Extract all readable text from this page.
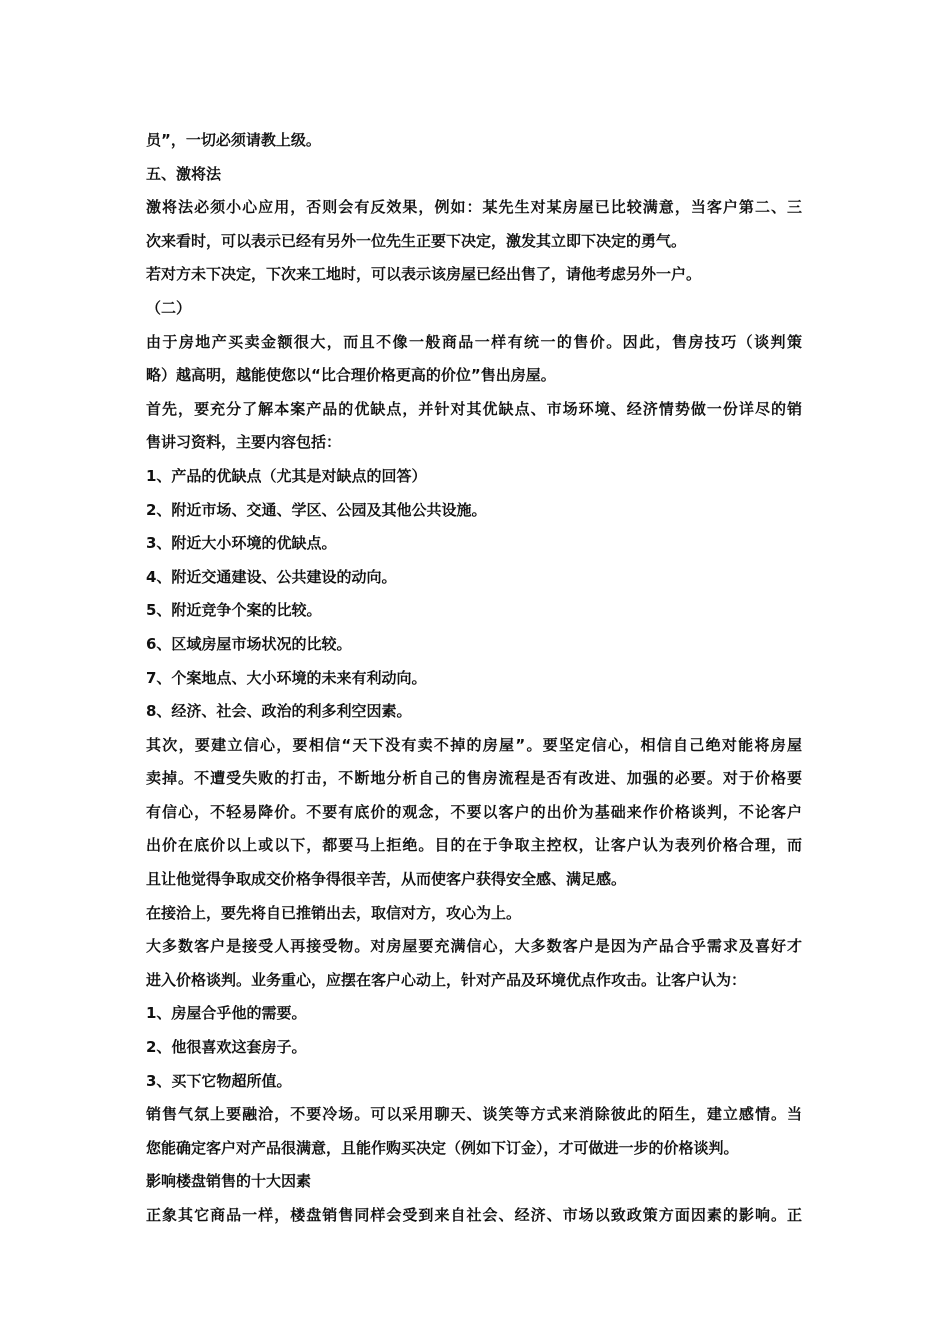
员”，一切必须请教上级。
五、激将法
激将法必须小心应用，否则会有反效果，例如：某先生对某房屋已比较满意，当客户第二、三
次来看时，可以表示已经有另外一位先生正要下决定，激发其立即下决定的勇气。
若对方未下决定，下次来工地时，可以表示该房屋已经出售了，请他考虑另外一户。
（二）
由于房地产买卖金额很大，而且不像一般商品一样有统一的售价。因此，售房技巧（谈判策
略）越高明，越能使您以“比合理价格更高的价位”售出房屋。
首先，要充分了解本案产品的优缺点，并针对其优缺点、市场环境、经济情势做一份详尽的销
售讲习资料，主要内容包括：
1、产品的优缺点（尤其是对缺点的回答）
2、附近市场、交通、学区、公园及其他公共设施。
3、附近大小环境的优缺点。
4、附近交通建设、公共建设的动向。
5、附近竞争个案的比较。
6、区域房屋市场状况的比较。
7、个案地点、大小环境的未来有利动向。
8、经济、社会、政治的利多利空因素。
其次，要建立信心，要相信“天下没有卖不掉的房屋”。要坚定信心，相信自己绝对能将房屋
卖掉。不遭受失败的打击，不断地分析自己的售房流程是否有改进、加强的必要。对于价格要
有信心，不轻易降价。不要有底价的观念，不要以客户的出价为基础来作价格谈判，不论客户
出价在底价以上或以下，都要马上拒绝。目的在于争取主控权，让客户认为表列价格合理，而
且让他觉得争取成交价格争得很辛苦，从而使客户获得安全感、满足感。
在接洽上，要先将自已推销出去，取信对方，攻心为上。
大多数客户是接受人再接受物。对房屋要充满信心，大多数客户是因为产品合乎需求及喜好才
进入价格谈判。业务重心，应摆在客户心动上，针对产品及环境优点作攻击。让客户认为：
1、房屋合乎他的需要。
2、他很喜欢这套房子。
3、买下它物超所值。
销售气氛上要融洽，不要冷场。可以采用聊天、谈笑等方式来消除彼此的陌生，建立感情。当
您能确定客户对产品很满意，且能作购买决定（例如下订金），才可做进一步的价格谈判。
影响楼盘销售的十大因素
正象其它商品一样，楼盘销售同样会受到来自社会、经济、市场以致政策方面因素的影响。正
